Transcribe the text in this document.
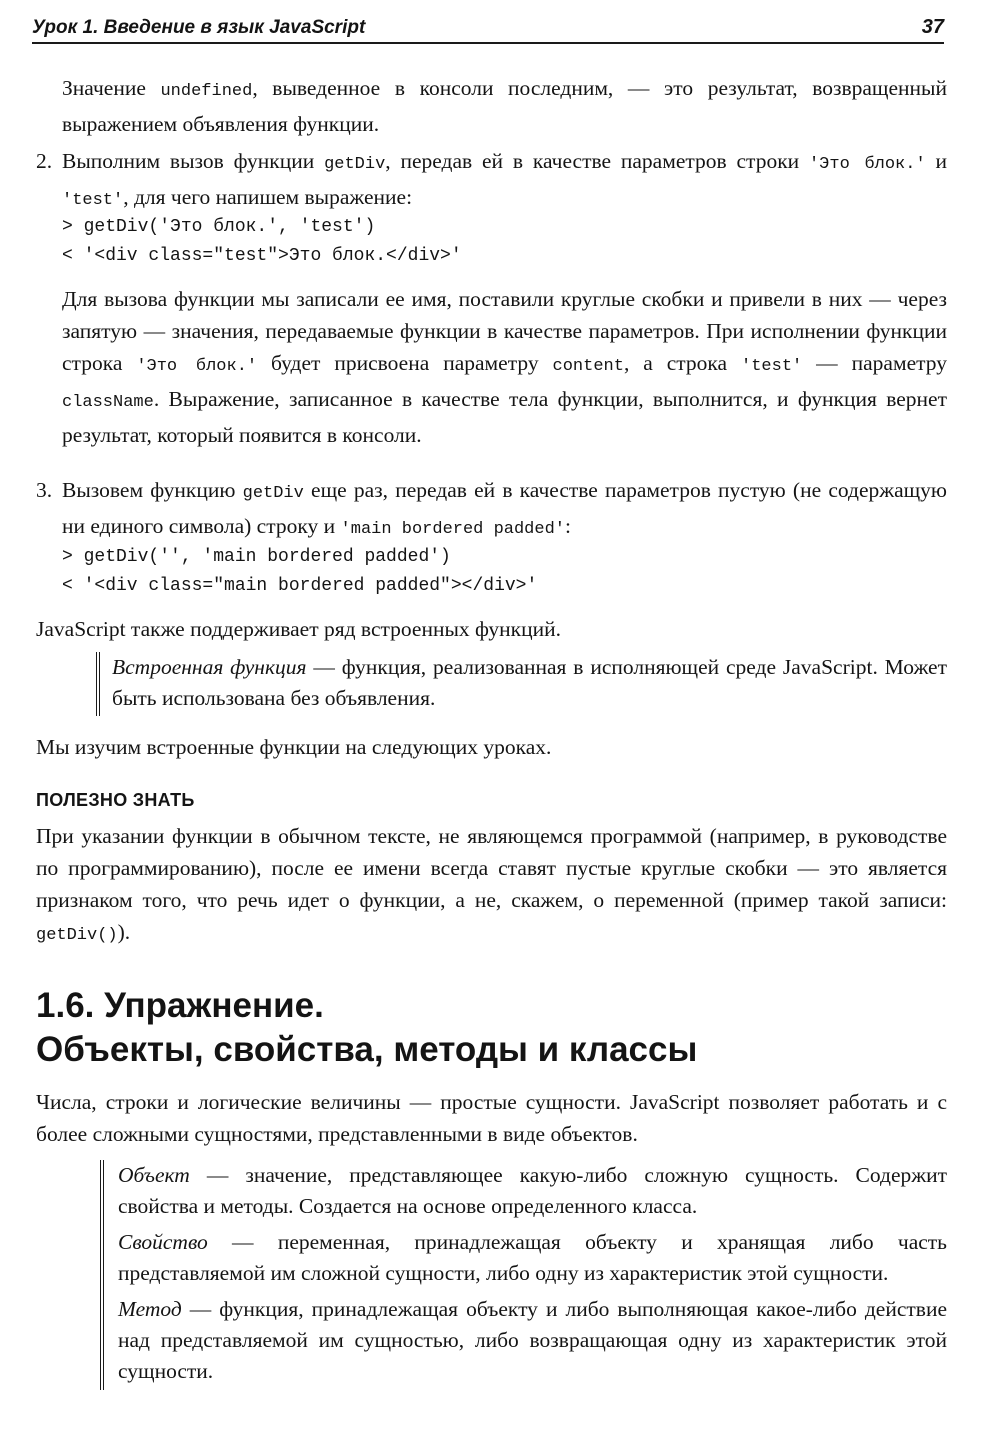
Урок 1. Введение в язык JavaScript	37

Значение undefined, выведенное в консоли последним, — это результат, возвращенный выражением объявления функции.

2. Выполним вызов функции getDiv, передав ей в качестве параметров строки 'Это блок.' и 'test', для чего напишем выражение:

> getDiv('Это блок.', 'test')
< '<div class="test">Это блок.</div>'

Для вызова функции мы записали ее имя, поставили круглые скобки и привели в них — через запятую — значения, передаваемые функции в качестве параметров. При исполнении функции строка 'Это блок.' будет присвоена параметру content, а строка 'test' — параметру className. Выражение, записанное в качестве тела функции, выполнится, и функция вернет результат, который появится в консоли.

3. Вызовем функцию getDiv еще раз, передав ей в качестве параметров пустую (не содержащую ни единого символа) строку и 'main bordered padded':

> getDiv('', 'main bordered padded')
< '<div class="main bordered padded"></div>'

JavaScript также поддерживает ряд встроенных функций.

Встроенная функция — функция, реализованная в исполняющей среде JavaScript. Может быть использована без объявления.

Мы изучим встроенные функции на следующих уроках.

ПОЛЕЗНО ЗНАТЬ

При указании функции в обычном тексте, не являющемся программой (например, в руководстве по программированию), после ее имени всегда ставят пустые круглые скобки — это является признаком того, что речь идет о функции, а не, скажем, о переменной (пример такой записи: getDiv()).

1.6. Упражнение.
Объекты, свойства, методы и классы

Числа, строки и логические величины — простые сущности. JavaScript позволяет работать и с более сложными сущностями, представленными в виде объектов.

Объект — значение, представляющее какую-либо сложную сущность. Содержит свойства и методы. Создается на основе определенного класса.

Свойство — переменная, принадлежащая объекту и хранящая либо часть представляемой им сложной сущности, либо одну из характеристик этой сущности.

Метод — функция, принадлежащая объекту и либо выполняющая какое-либо действие над представляемой им сущностью, либо возвращающая одну из характеристик этой сущности.
